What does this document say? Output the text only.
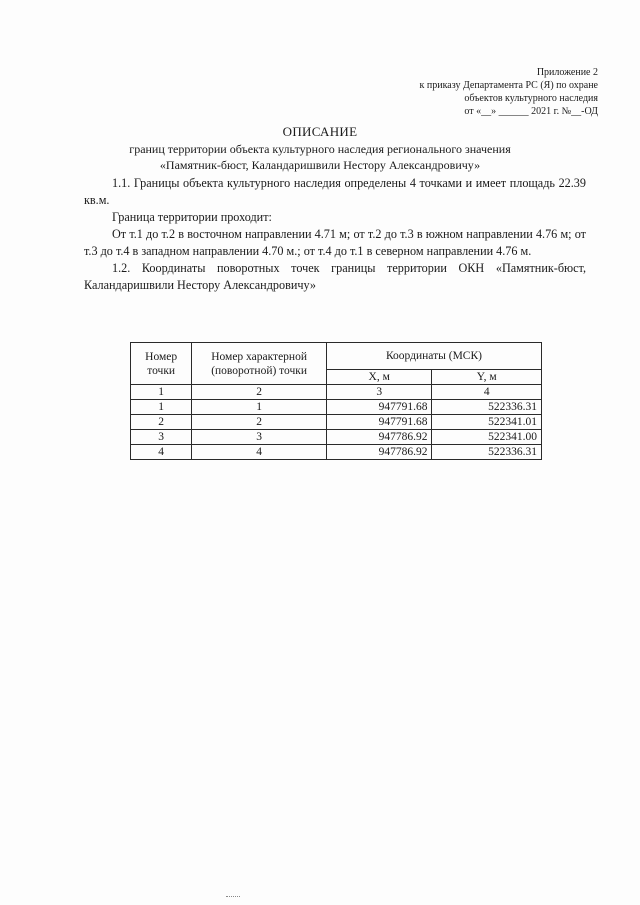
Приложение 2
к приказу Департамента РС (Я) по охране
объектов культурного наследия
от «__» ______ 2021 г. №__-ОД
ОПИСАНИЕ
границ территории объекта культурного наследия регионального значения
«Памятник-бюст, Каландаришвили Нестору Александровичу»

1.1. Границы объекта культурного наследия определены 4 точками и имеет площадь 22.39 кв.м.

Граница территории проходит:

От т.1 до т.2 в восточном направлении 4.71 м; от т.2 до т.3 в южном направлении 4.76 м; от т.3 до т.4 в западном направлении 4.70 м.; от т.4 до т.1 в северном направлении 4.76 м.

1.2. Координаты поворотных точек границы территории ОКН «Памятник-бюст, Каландаришвили Нестору Александровичу»

Номер точки	Номер характерной (поворотной) точки	Координаты (МСК)	
		X, м	Y, м
1	2	3	4
1	1	947791.68	522336.31
2	2	947791.68	522341.01
3	3	947786.92	522341.00
4	4	947786.92	522336.31
